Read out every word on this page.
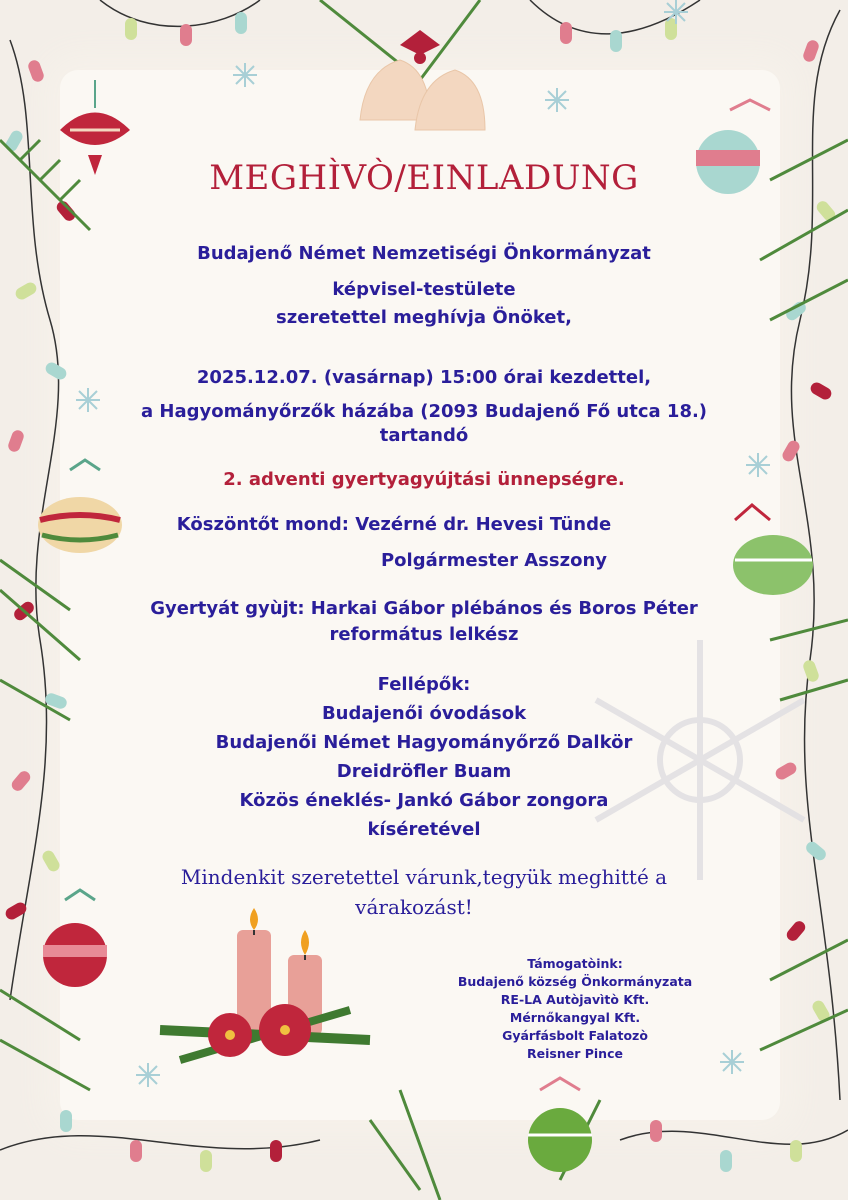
MEGHÌVÒ/EINLADUNG

Budajenő Német Nemzetiségi Önkormányzat

képvisel-testülete

szeretettel meghívja Önöket,

2025.12.07. (vasárnap) 15:00 órai kezdettel,

a Hagyományőrzők házába (2093 Budajenő Fő utca 18.)

tartandó

2. adventi gyertyagyújtási ünnepségre.

Köszöntőt mond: Vezérné dr. Hevesi Tünde

Polgármester Asszony

Gyertyát gyùjt: Harkai Gábor plébános és Boros Péter

református lelkész

Fellépők:

Budajenői óvodások

Budajenői Német Hagyományőrző Dalkör

Dreidröfler Buam

Közös éneklés- Jankó Gábor zongora

kíséretével

Mindenkit szeretettel várunk,tegyük meghitté a

várakozást!

Támogatòink:

Budajenő község Önkormányzata

RE-LA Autòjavìtò Kft.

Mérnőkangyal Kft.

Gyárfásbolt Falatozò

Reisner Pince
